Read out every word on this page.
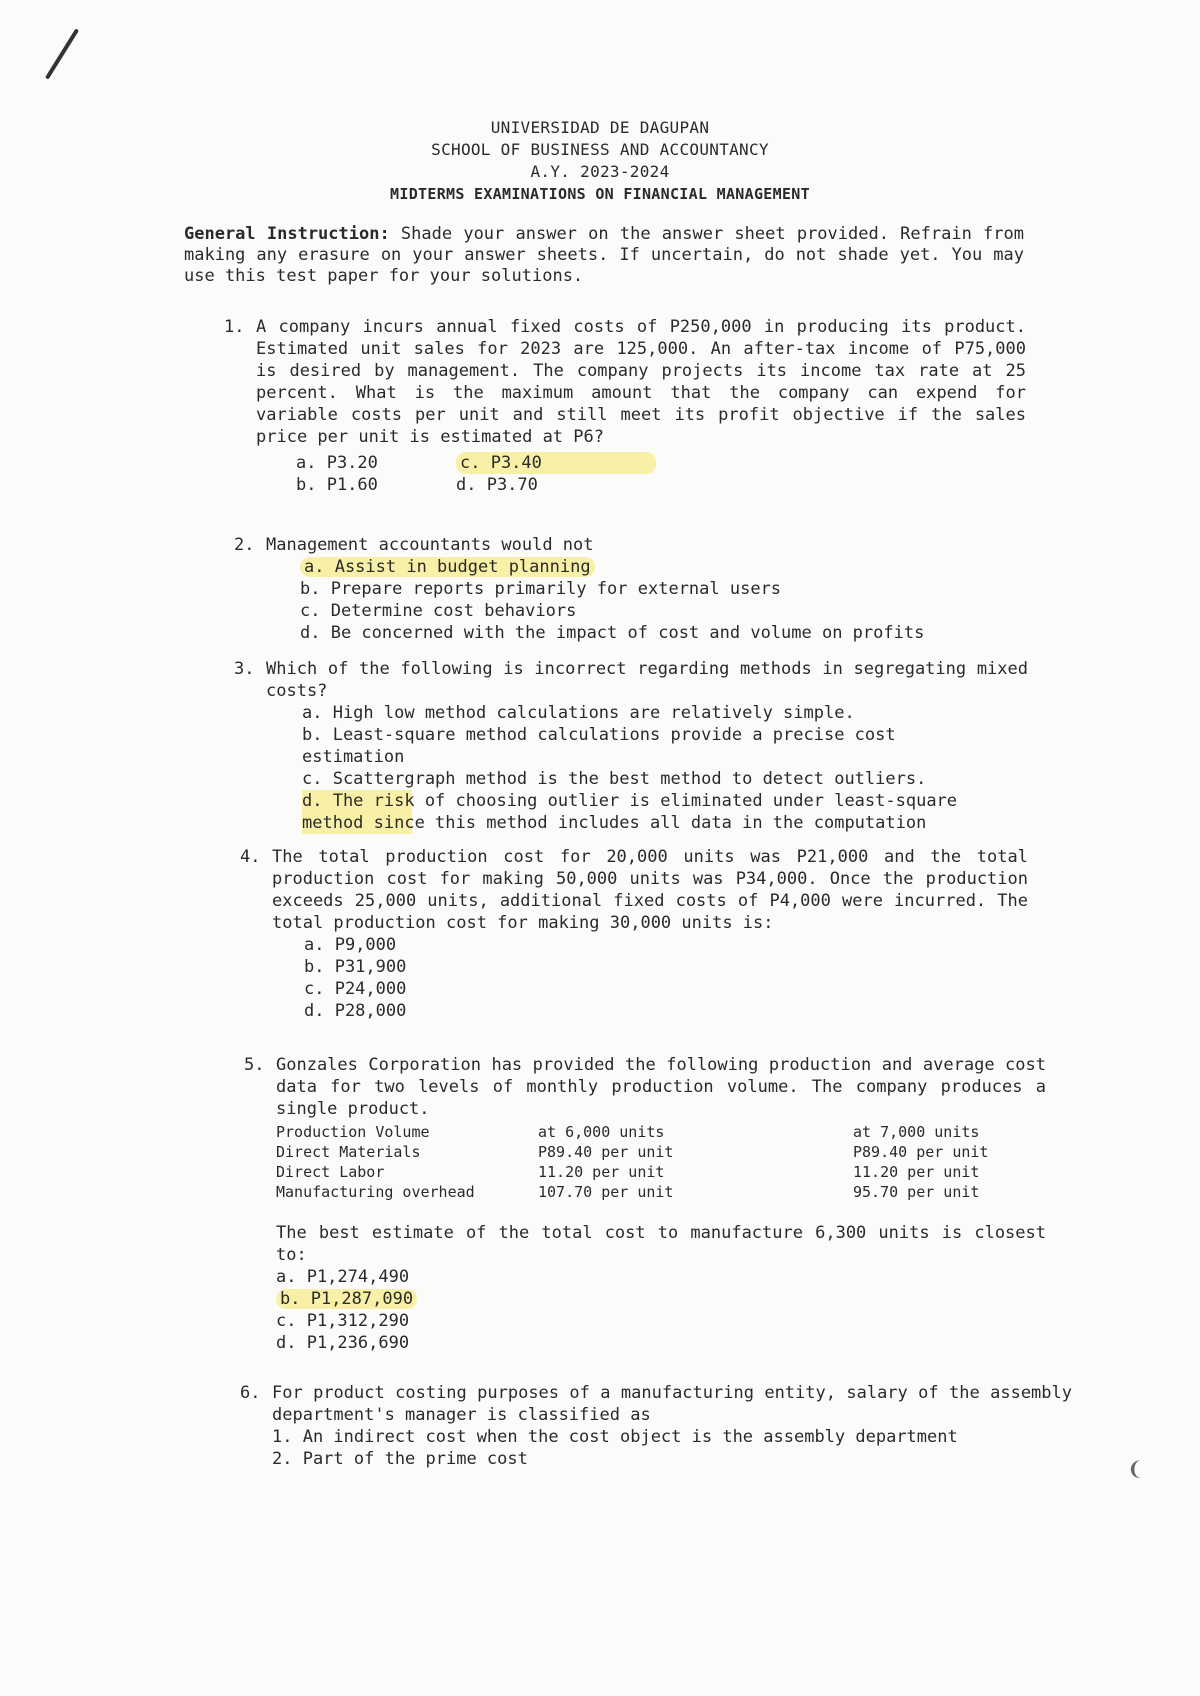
UNIVERSIDAD DE DAGUPAN
SCHOOL OF BUSINESS AND ACCOUNTANCY
A.Y. 2023-2024
MIDTERMS EXAMINATIONS ON FINANCIAL MANAGEMENT
General Instruction: Shade your answer on the answer sheet provided. Refrain from making any erasure on your answer sheets. If uncertain, do not shade yet. You may use this test paper for your solutions.
1. A company incurs annual fixed costs of P250,000 in producing its product. Estimated unit sales for 2023 are 125,000. An after-tax income of P75,000 is desired by management. The company projects its income tax rate at 25 percent. What is the maximum amount that the company can expend for variable costs per unit and still meet its profit objective if the sales price per unit is estimated at P6?
a. P3.20	c. P3.40
b. P1.60	d. P3.70
2. Management accountants would not
a. Assist in budget planning
b. Prepare reports primarily for external users
c. Determine cost behaviors
d. Be concerned with the impact of cost and volume on profits
3. Which of the following is incorrect regarding methods in segregating mixed costs?
a. High low method calculations are relatively simple.
b. Least-square method calculations provide a precise cost estimation
c. Scattergraph method is the best method to detect outliers.
d. The risk of choosing outlier is eliminated under least-square method since this method includes all data in the computation
4. The total production cost for 20,000 units was P21,000 and the total production cost for making 50,000 units was P34,000. Once the production exceeds 25,000 units, additional fixed costs of P4,000 were incurred. The total production cost for making 30,000 units is:
a. P9,000
b. P31,900
c. P24,000
d. P28,000
5. Gonzales Corporation has provided the following production and average cost data for two levels of monthly production volume. The company produces a single product.
Production Volume	at 6,000 units	at 7,000 units
Direct Materials	P89.40 per unit	P89.40 per unit
Direct Labor	11.20 per unit	11.20 per unit
Manufacturing overhead	107.70 per unit	95.70 per unit
The best estimate of the total cost to manufacture 6,300 units is closest to:
a. P1,274,490
b. P1,287,090
c. P1,312,290
d. P1,236,690
6. For product costing purposes of a manufacturing entity, salary of the assembly department's manager is classified as
1. An indirect cost when the cost object is the assembly department
2. Part of the prime cost	❨
